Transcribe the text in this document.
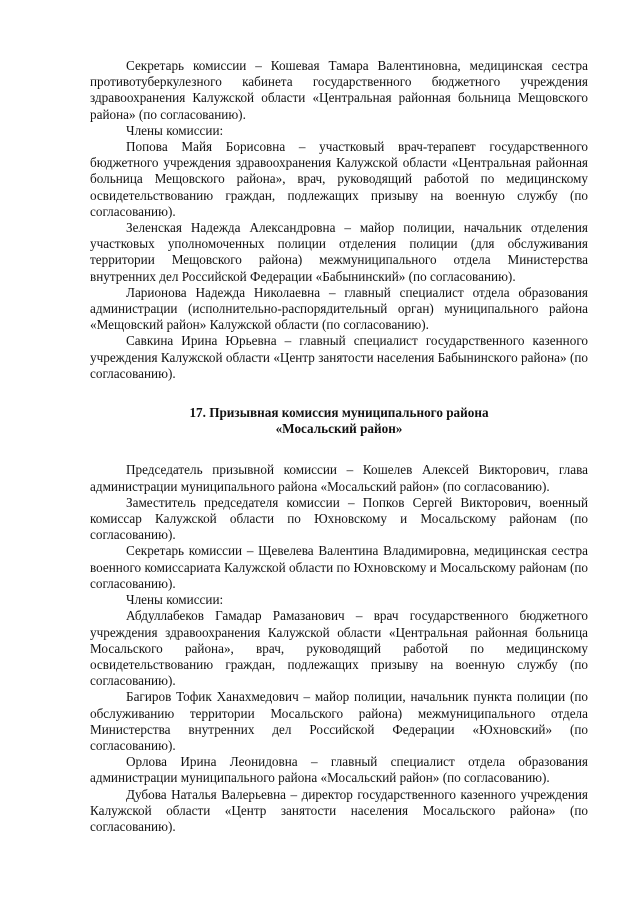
Секретарь комиссии – Кошевая Тамара Валентиновна, медицинская сестра противотуберкулезного кабинета государственного бюджетного учреждения здравоохранения Калужской области «Центральная районная больница Мещовского района» (по согласованию).

Члены комиссии:

Попова Майя Борисовна – участковый врач-терапевт государственного бюджетного учреждения здравоохранения Калужской области «Центральная районная больница Мещовского района», врач, руководящий работой по медицинскому освидетельствованию граждан, подлежащих призыву на военную службу (по согласованию).

Зеленская Надежда Александровна – майор полиции, начальник отделения участковых уполномоченных полиции отделения полиции (для обслуживания территории Мещовского района) межмуниципального отдела Министерства внутренних дел Российской Федерации «Бабынинский» (по согласованию).

Ларионова Надежда Николаевна – главный специалист отдела образования администрации (исполнительно-распорядительный орган) муниципального района «Мещовский район» Калужской области (по согласованию).

Савкина Ирина Юрьевна – главный специалист государственного казенного учреждения Калужской области «Центр занятости населения Бабынинского района» (по согласованию).

17. Призывная комиссия муниципального района

«Мосальский район»

Председатель призывной комиссии – Кошелев Алексей Викторович, глава администрации муниципального района «Мосальский район» (по согласованию).

Заместитель председателя комиссии – Попков Сергей Викторович, военный комиссар Калужской области по Юхновскому и Мосальскому районам (по согласованию).

Секретарь комиссии – Щевелева Валентина Владимировна, медицинская сестра военного комиссариата Калужской области по Юхновскому и Мосальскому районам (по согласованию).

Члены комиссии:

Абдуллабеков Гамадар Рамазанович – врач государственного бюджетного учреждения здравоохранения Калужской области «Центральная районная больница Мосальского района», врач, руководящий работой по медицинскому освидетельствованию граждан, подлежащих призыву на военную службу (по согласованию).

Багиров Тофик Ханахмедович – майор полиции, начальник пункта полиции (по обслуживанию территории Мосальского района) межмуниципального отдела Министерства внутренних дел Российской Федерации «Юхновский» (по согласованию).

Орлова Ирина Леонидовна – главный специалист отдела образования администрации муниципального района «Мосальский район» (по согласованию).

Дубова Наталья Валерьевна – директор государственного казенного учреждения Калужской области «Центр занятости населения Мосальского района» (по согласованию).
